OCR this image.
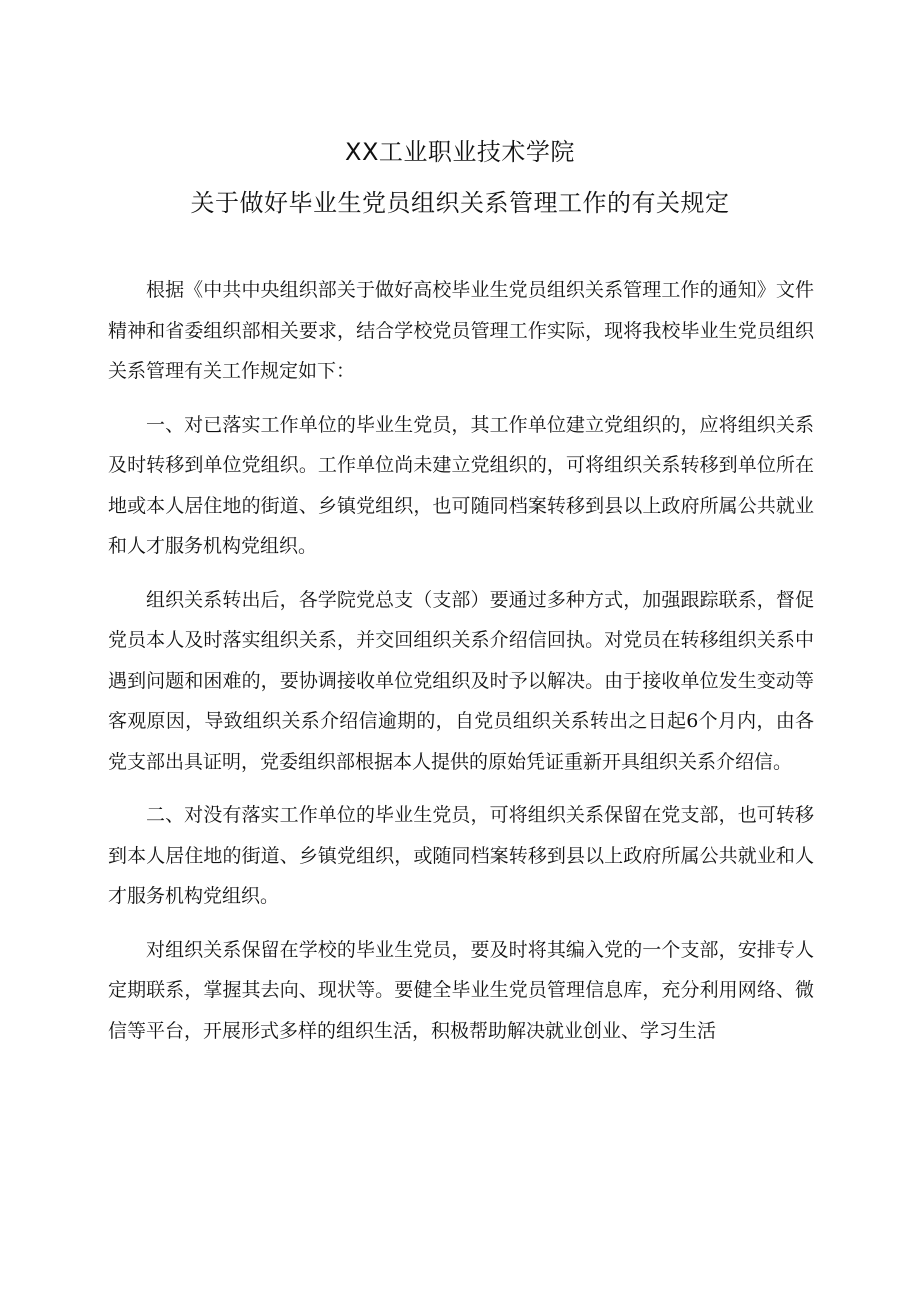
XX工业职业技术学院
关于做好毕业生党员组织关系管理工作的有关规定

根据《中共中央组织部关于做好高校毕业生党员组织关系管理工作的通知》文件精神和省委组织部相关要求，结合学校党员管理工作实际，现将我校毕业生党员组织关系管理有关工作规定如下：

一、对已落实工作单位的毕业生党员，其工作单位建立党组织的，应将组织关系及时转移到单位党组织。工作单位尚未建立党组织的，可将组织关系转移到单位所在地或本人居住地的街道、乡镇党组织，也可随同档案转移到县以上政府所属公共就业和人才服务机构党组织。

组织关系转出后，各学院党总支（支部）要通过多种方式，加强跟踪联系，督促党员本人及时落实组织关系，并交回组织关系介绍信回执。对党员在转移组织关系中遇到问题和困难的，要协调接收单位党组织及时予以解决。由于接收单位发生变动等客观原因，导致组织关系介绍信逾期的，自党员组织关系转出之日起6个月内，由各党支部出具证明，党委组织部根据本人提供的原始凭证重新开具组织关系介绍信。

二、对没有落实工作单位的毕业生党员，可将组织关系保留在党支部，也可转移到本人居住地的街道、乡镇党组织，或随同档案转移到县以上政府所属公共就业和人才服务机构党组织。

对组织关系保留在学校的毕业生党员，要及时将其编入党的一个支部，安排专人定期联系，掌握其去向、现状等。要健全毕业生党员管理信息库，充分利用网络、微信等平台，开展形式多样的组织生活，积极帮助解决就业创业、学习生活
